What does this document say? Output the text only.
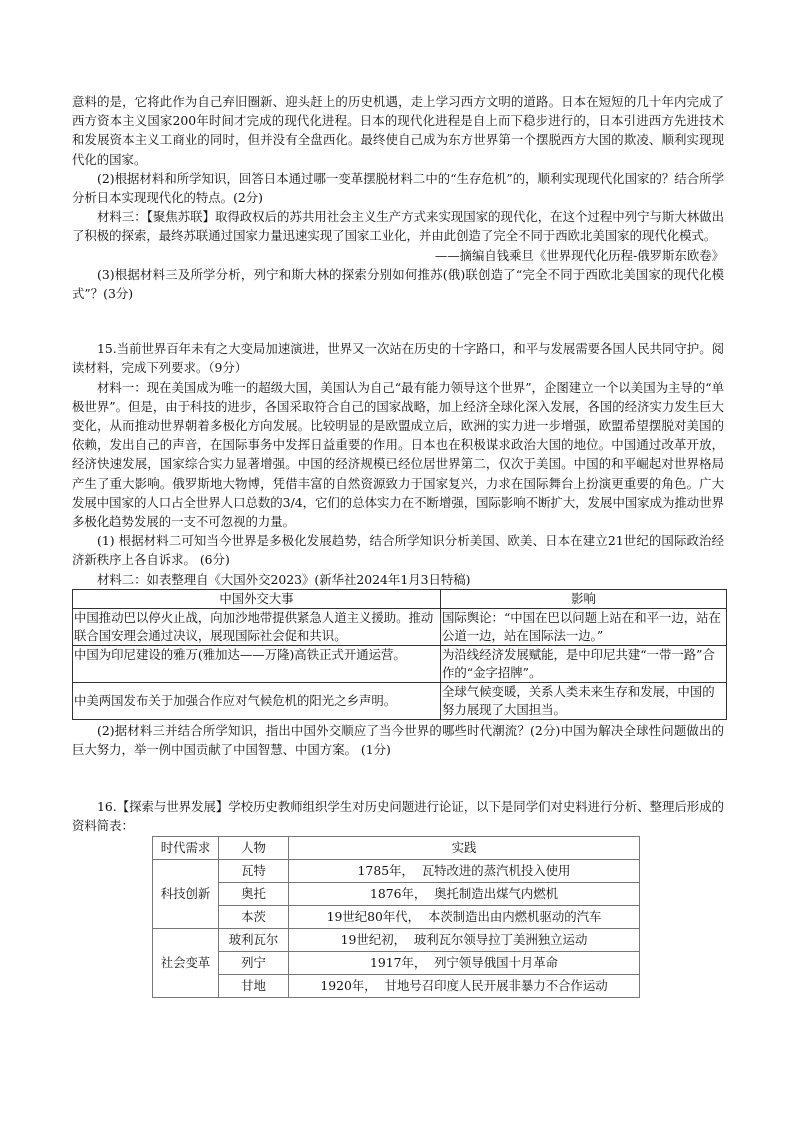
意料的是，它将此作为自己弃旧圈新、迎头赶上的历史机遇，走上学习西方文明的道路。日本在短短的几十年内完成了西方资本主义国家200年时间才完成的现代化进程。日本的现代化进程是自上而下稳步进行的，日本引进西方先进技术和发展资本主义工商业的同时，但并没有全盘西化。最终使自己成为东方世界第一个摆脱西方大国的欺凌、顺利实现现代化的国家。

(2)根据材料和所学知识，回答日本通过哪一变革摆脱材料二中的“生存危机”的，顺利实现现代化国家的？结合所学分析日本实现现代化的特点。(2分)

材料三：【聚焦苏联】取得政权后的苏共用社会主义生产方式来实现国家的现代化，在这个过程中列宁与斯大林做出了积极的探索，最终苏联通过国家力量迅速实现了国家工业化，并由此创造了完全不同于西欧北美国家的现代化模式。

——摘编自钱乘旦《世界现代化历程-俄罗斯东欧卷》

(3)根据材料三及所学分析，列宁和斯大林的探索分别如何推苏(俄)联创造了“完全不同于西欧北美国家的现代化模式”？(3分)

15.当前世界百年未有之大变局加速演进，世界又一次站在历史的十字路口，和平与发展需要各国人民共同守护。阅读材料，完成下列要求。（9分）

材料一：现在美国成为唯一的超级大国，美国认为自己“最有能力领导这个世界”，企图建立一个以美国为主导的“单极世界”。但是，由于科技的进步，各国采取符合自己的国家战略，加上经济全球化深入发展，各国的经济实力发生巨大变化，从而推动世界朝着多极化方向发展。比较明显的是欧盟成立后，欧洲的实力进一步增强，欧盟希望摆脱对美国的依赖，发出自己的声音，在国际事务中发挥日益重要的作用。日本也在积极谋求政治大国的地位。中国通过改革开放，经济快速发展，国家综合实力显著增强。中国的经济规模已经位居世界第二，仅次于美国。中国的和平崛起对世界格局产生了重大影响。俄罗斯地大物博，凭借丰富的自然资源致力于国家复兴，力求在国际舞台上扮演更重要的角色。广大发展中国家的人口占全世界人口总数的3/4，它们的总体实力在不断增强，国际影响不断扩大，发展中国家成为推动世界多极化趋势发展的一支不可忽视的力量。

(1) 根据材料二可知当今世界是多极化发展趋势，结合所学知识分析美国、欧美、日本在建立21世纪的国际政治经济新秩序上各自诉求。 (6分)

材料二：如表整理自《大国外交2023》(新华社2024年1月3日特稿)

中国外交大事	影响
中国推动巴以停火止战，向加沙地带提供紧急人道主义援助。推动联合国安理会通过决议，展现国际社会促和共识。	国际舆论：“中国在巴以问题上站在和平一边，站在公道一边，站在国际法一边。”
中国为印尼建设的雅万(雅加达——万隆)高铁正式开通运营。	为沿线经济发展赋能，是中印尼共建“一带一路”合作的“金字招牌”。
中美两国发布关于加强合作应对气候危机的阳光之乡声明。	全球气候变暖，关系人类未来生存和发展，中国的努力展现了大国担当。

(2)据材料三并结合所学知识，指出中国外交顺应了当今世界的哪些时代潮流？(2分)中国为解决全球性问题做出的巨大努力，举一例中国贡献了中国智慧、中国方案。 (1分)

16.【探索与世界发展】学校历史教师组织学生对历史问题进行论证，以下是同学们对史料进行分析、整理后形成的资料简表：

时代需求	人物	实践
科技创新	瓦特	1785年，  瓦特改进的蒸汽机投入使用
	奥托	1876年，  奥托制造出煤气内燃机
	本茨	19世纪80年代，  本茨制造出由内燃机驱动的汽车
社会变革	玻利瓦尔	19世纪初，  玻利瓦尔领导拉丁美洲独立运动
	列宁	1917年，  列宁领导俄国十月革命
	甘地	1920年，  甘地号召印度人民开展非暴力不合作运动
